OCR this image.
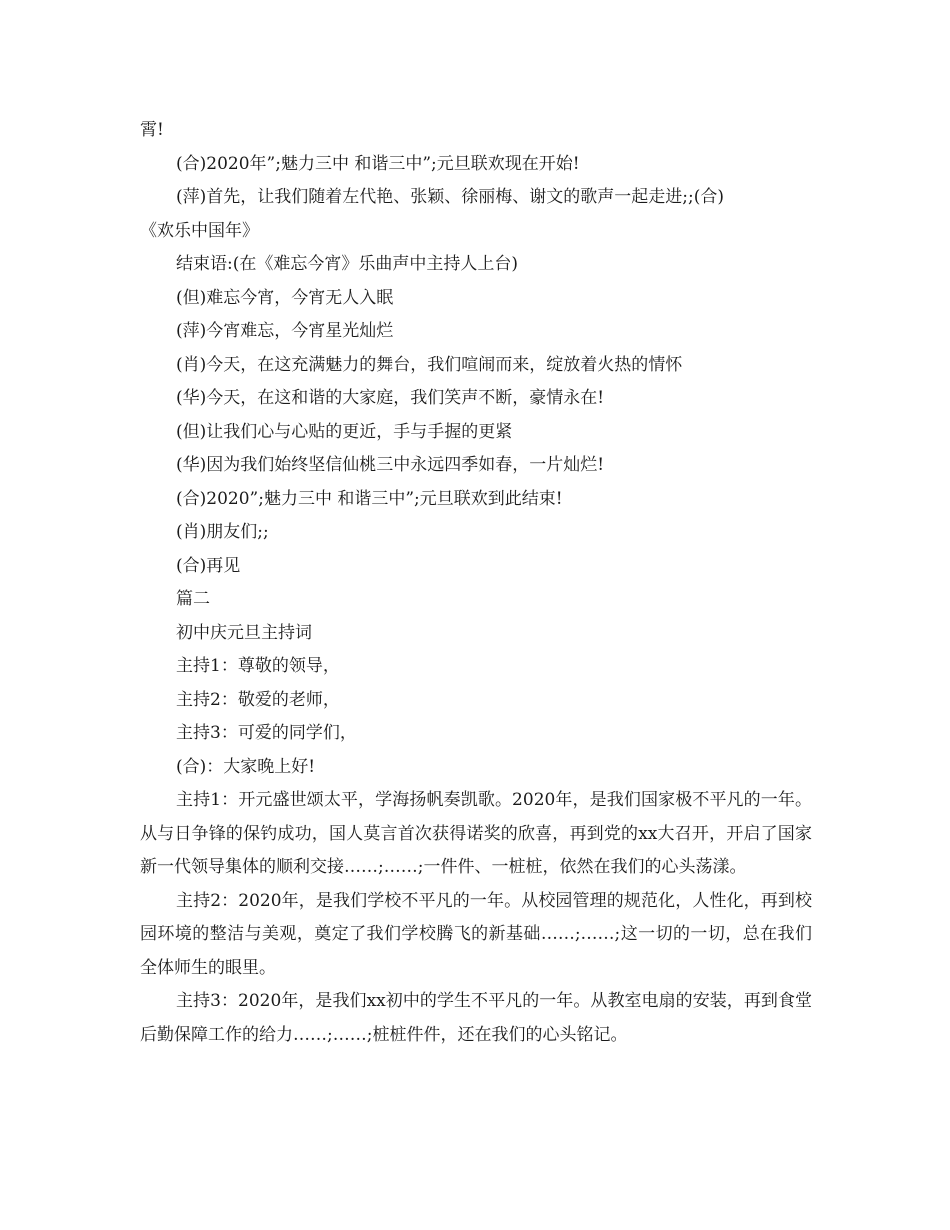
霄!

(合)2020年”;魅力三中 和谐三中”;元旦联欢现在开始!

(萍)首先，让我们随着左代艳、张颖、徐丽梅、谢文的歌声一起走进;;(合)

《欢乐中国年》

结束语:(在《难忘今宵》乐曲声中主持人上台)

(但)难忘今宵，今宵无人入眠

(萍)今宵难忘，今宵星光灿烂

(肖)今天，在这充满魅力的舞台，我们喧闹而来，绽放着火热的情怀

(华)今天，在这和谐的大家庭，我们笑声不断，豪情永在!

(但)让我们心与心贴的更近，手与手握的更紧

(华)因为我们始终坚信仙桃三中永远四季如春，一片灿烂!

(合)2020”;魅力三中 和谐三中”;元旦联欢到此结束!

(肖)朋友们;;

(合)再见

篇二

初中庆元旦主持词

主持1：尊敬的领导，

主持2：敬爱的老师，

主持3：可爱的同学们，

(合)：大家晚上好!

主持1：开元盛世颂太平，学海扬帆奏凯歌。2020年，是我们国家极不平凡的一年。从与日争锋的保钓成功，国人莫言首次获得诺奖的欣喜，再到党的xx大召开，开启了国家新一代领导集体的顺利交接……;……;一件件、一桩桩，依然在我们的心头荡漾。

主持2：2020年，是我们学校不平凡的一年。从校园管理的规范化，人性化，再到校园环境的整洁与美观，奠定了我们学校腾飞的新基础……;……;这一切的一切，总在我们全体师生的眼里。

主持3：2020年，是我们xx初中的学生不平凡的一年。从教室电扇的安装，再到食堂后勤保障工作的给力……;……;桩桩件件，还在我们的心头铭记。
